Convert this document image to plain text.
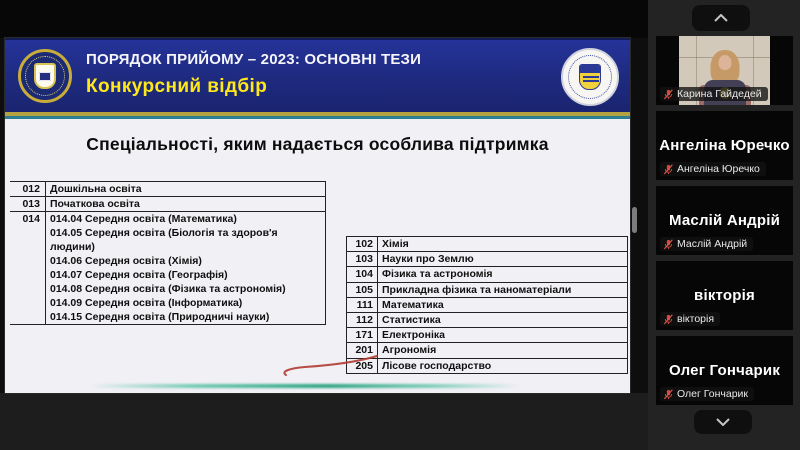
ПОРЯДОК ПРИЙОМУ – 2023: ОСНОВНІ ТЕЗИ
Конкурсний відбір
Спеціальності, яким надається особлива підтримка
012 Дошкільна освіта
013 Початкова освіта
014 014.04 Середня освіта (Математика)
014.05 Середня освіта (Біологія та здоров'я людини)
014.06 Середня освіта (Хімія)
014.07 Середня освіта (Географія)
014.08 Середня освіта (Фізика та астрономія)
014.09 Середня освіта (Інформатика)
014.15 Середня освіта (Природничі науки)
102 Хімія
103 Науки про Землю
104 Фізика та астрономія
105 Прикладна фізика та наноматеріали
111 Математика
112 Статистика
171 Електроніка
201 Агрономія
205 Лісове господарство
Карина Гайдедей
Ангеліна Юречко
Ангеліна Юречко
Маслій Андрій
Маслій Андрій
вікторія
вікторія
Олег Гончарик
Олег Гончарик
